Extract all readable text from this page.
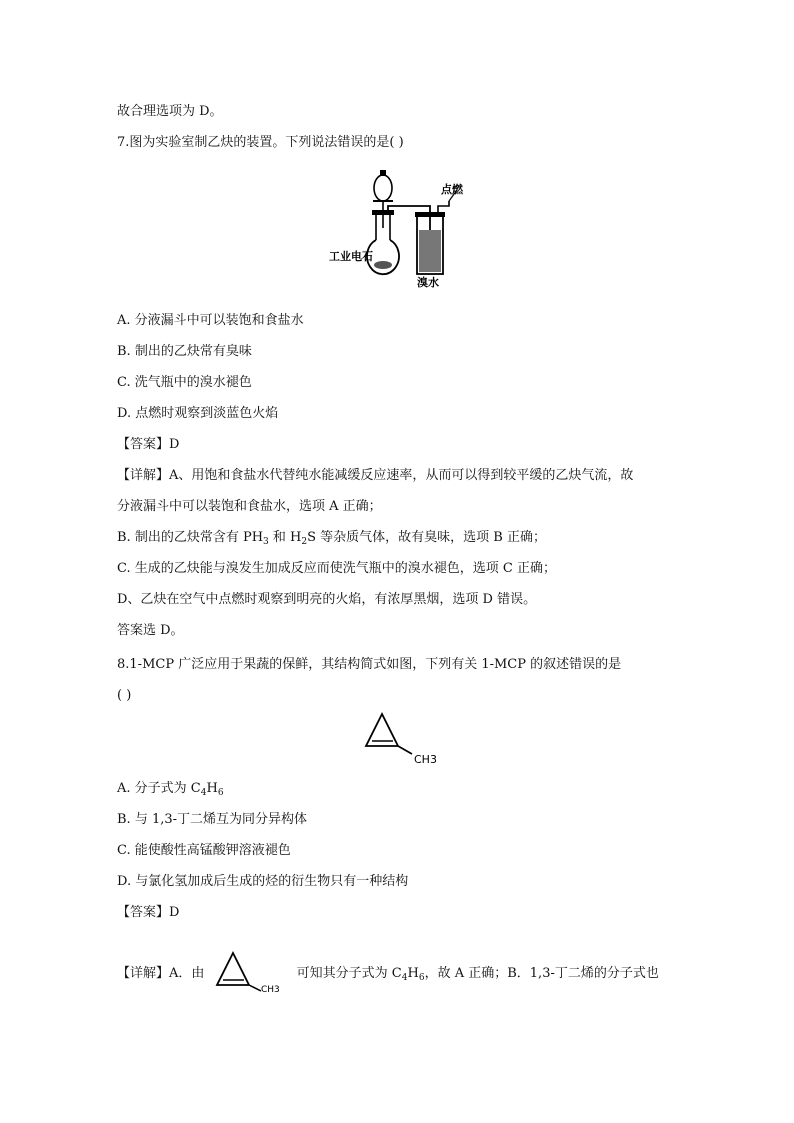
故合理选项为 D。
7.图为实验室制乙炔的装置。下列说法错误的是( )
点燃
工业电石
溴水
A. 分液漏斗中可以装饱和食盐水
B. 制出的乙炔常有臭味
C. 洗气瓶中的溴水褪色
D. 点燃时观察到淡蓝色火焰
【答案】D
【详解】A、用饱和食盐水代替纯水能减缓反应速率，从而可以得到较平缓的乙炔气流，故
分液漏斗中可以装饱和食盐水，选项 A 正确；
B. 制出的乙炔常含有 $PH_3$ 和 $H_2S$ 等杂质气体，故有臭味，选项 B 正确；
C. 生成的乙炔能与溴发生加成反应而使洗气瓶中的溴水褪色，选项 C 正确；
D、乙炔在空气中点燃时观察到明亮的火焰，有浓厚黑烟，选项 D 错误。
答案选 D。
8.1-MCP 广泛应用于果蔬的保鲜，其结构简式如图，下列有关 1-MCP 的叙述错误的是
( )
CH3
A. 分子式为 $C_4H_6$
B. 与 1,3-丁二烯互为同分异构体
C. 能使酸性高锰酸钾溶液褪色
D. 与氯化氢加成后生成的烃的衍生物只有一种结构
【答案】D
【详解】A．由
CH3
可知其分子式为 $C_4H_6$，故 A 正确；B．1,3-丁二烯的分子式也
